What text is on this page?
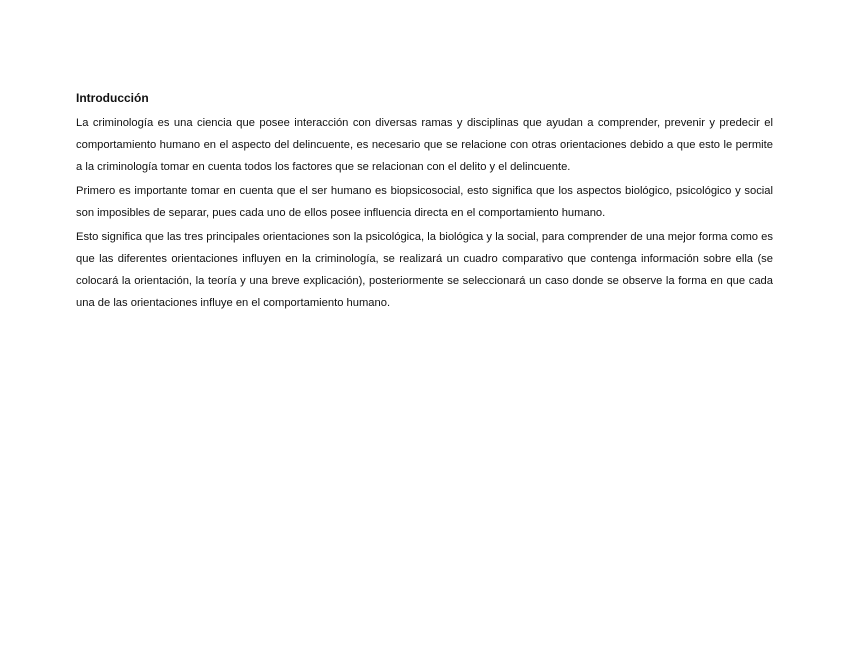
Introducción

La criminología es una ciencia que posee interacción con diversas ramas y disciplinas que ayudan a comprender, prevenir y predecir el comportamiento humano en el aspecto del delincuente, es necesario que se relacione con otras orientaciones debido a que esto le permite a la criminología tomar en cuenta todos los factores que se relacionan con el delito y el delincuente.

Primero es importante tomar en cuenta que el ser humano es biopsicosocial, esto significa que los aspectos biológico, psicológico y social son imposibles de separar, pues cada uno de ellos posee influencia directa en el comportamiento humano.

Esto significa que las tres principales orientaciones son la psicológica, la biológica y la social, para comprender de una mejor forma como es que las diferentes orientaciones influyen en la criminología, se realizará un cuadro comparativo que contenga información sobre ella (se colocará la orientación, la teoría y una breve explicación), posteriormente se seleccionará un caso donde se observe la forma en que cada una de las orientaciones influye en el comportamiento humano.
